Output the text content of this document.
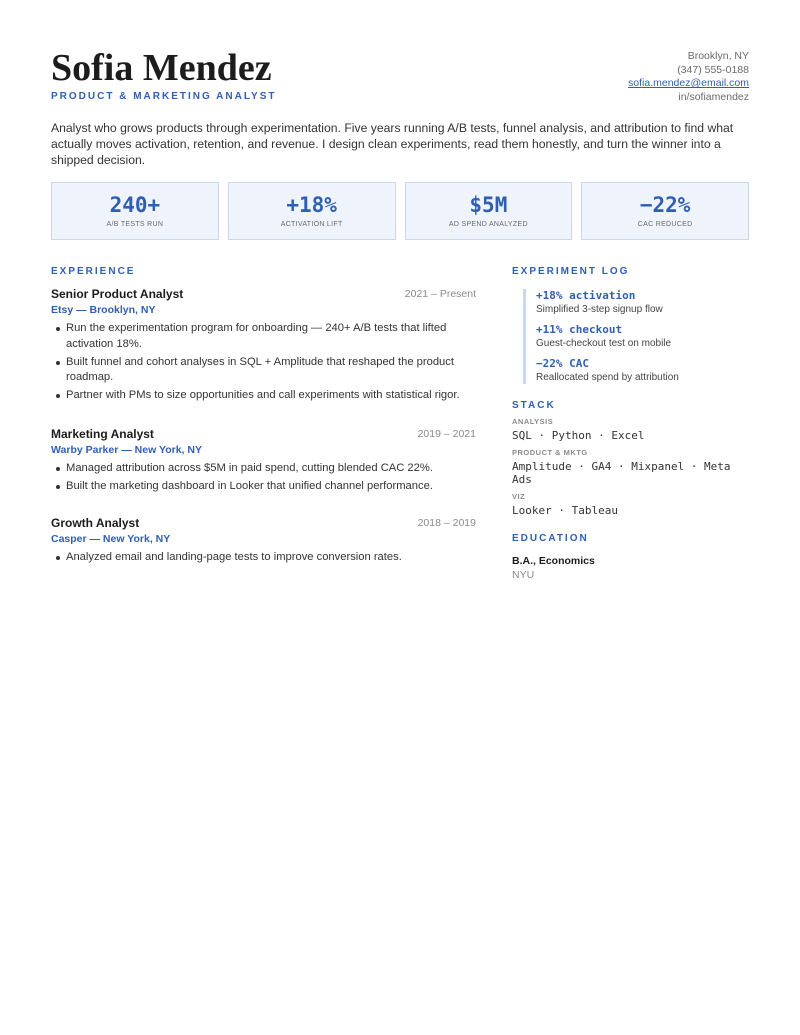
Sofia Mendez
PRODUCT & MARKETING ANALYST
Brooklyn, NY
(347) 555-0188
sofia.mendez@email.com
in/sofiamendez
Analyst who grows products through experimentation. Five years running A/B tests, funnel analysis, and attribution to find what actually moves activation, retention, and revenue. I design clean experiments, read them honestly, and turn the winner into a shipped decision.
240+
A/B TESTS RUN
+18%
ACTIVATION LIFT
$5M
AD SPEND ANALYZED
−22%
CAC REDUCED
EXPERIENCE
Senior Product Analyst	2021 – Present
Etsy — Brooklyn, NY
Run the experimentation program for onboarding — 240+ A/B tests that lifted activation 18%.
Built funnel and cohort analyses in SQL + Amplitude that reshaped the product roadmap.
Partner with PMs to size opportunities and call experiments with statistical rigor.
Marketing Analyst	2019 – 2021
Warby Parker — New York, NY
Managed attribution across $5M in paid spend, cutting blended CAC 22%.
Built the marketing dashboard in Looker that unified channel performance.
Growth Analyst	2018 – 2019
Casper — New York, NY
Analyzed email and landing-page tests to improve conversion rates.
EXPERIMENT LOG
+18% activation
Simplified 3-step signup flow
+11% checkout
Guest-checkout test on mobile
−22% CAC
Reallocated spend by attribution
STACK
ANALYSIS
SQL · Python · Excel
PRODUCT & MKTG
Amplitude · GA4 · Mixpanel · Meta Ads
VIZ
Looker · Tableau
EDUCATION
B.A., Economics
NYU
